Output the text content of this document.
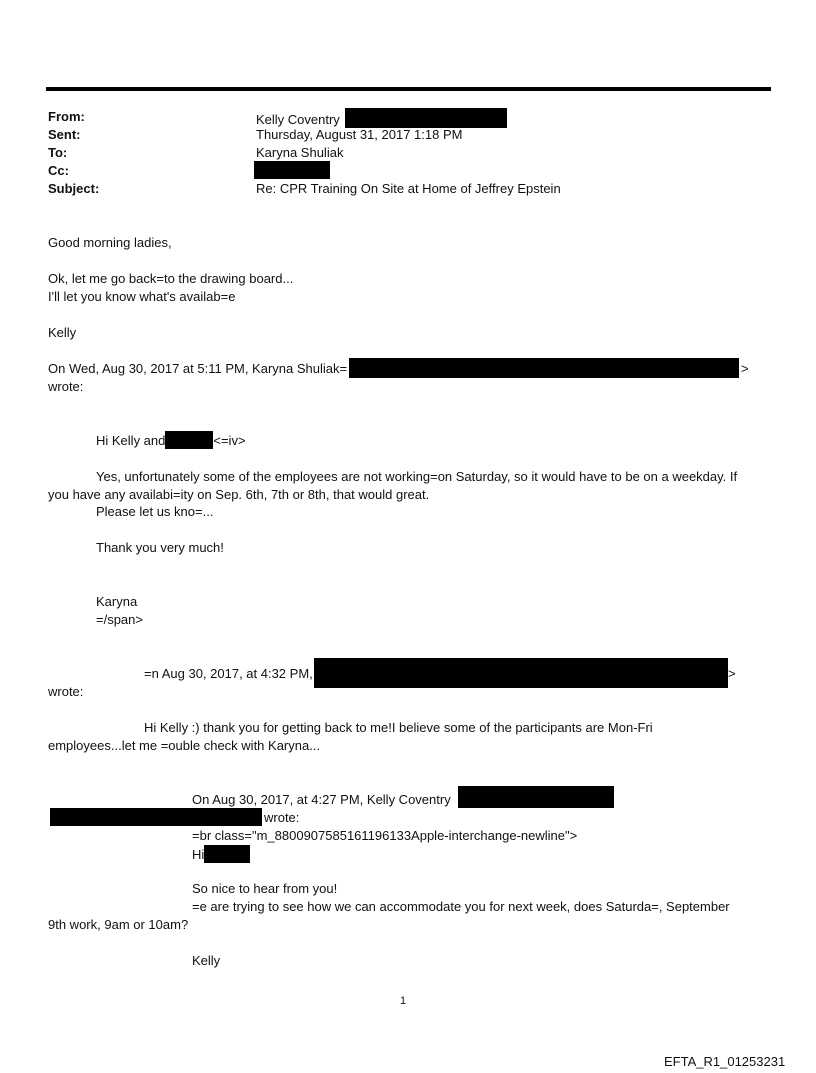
From:	Kelly Coventry
Sent:	Thursday, August 31, 2017 1:18 PM
To:	Karyna Shuliak
Cc:
Subject:	Re: CPR Training On Site at Home of Jeffrey Epstein
Good morning ladies,
Ok, let me go back=to the drawing board...
I'll let you know what's availab=e
Kelly
On Wed, Aug 30, 2017 at 5:11 PM, Karyna Shuliak=	>
wrote:
Hi Kelly and	<=iv>
Yes, unfortunately some of the employees are not working=on Saturday, so it would have to be on a weekday. If
you have any availabi=ity on Sep. 6th, 7th or 8th, that would great.
Please let us kno=...
Thank you very much!
Karyna
=/span>
=n Aug 30, 2017, at 4:32 PM,	>
wrote:
Hi Kelly :) thank you for getting back to me!I believe some of the participants are Mon-Fri
employees...let me =ouble check with Karyna...
On Aug 30, 2017, at 4:27 PM, Kelly Coventry
wrote:
=br class="m_8800907585161196133Apple-interchange-newline">
Hi
So nice to hear from you!
=e are trying to see how we can accommodate you for next week, does Saturda=, September
9th work, 9am or 10am?
Kelly
1
EFTA_R1_01253231
